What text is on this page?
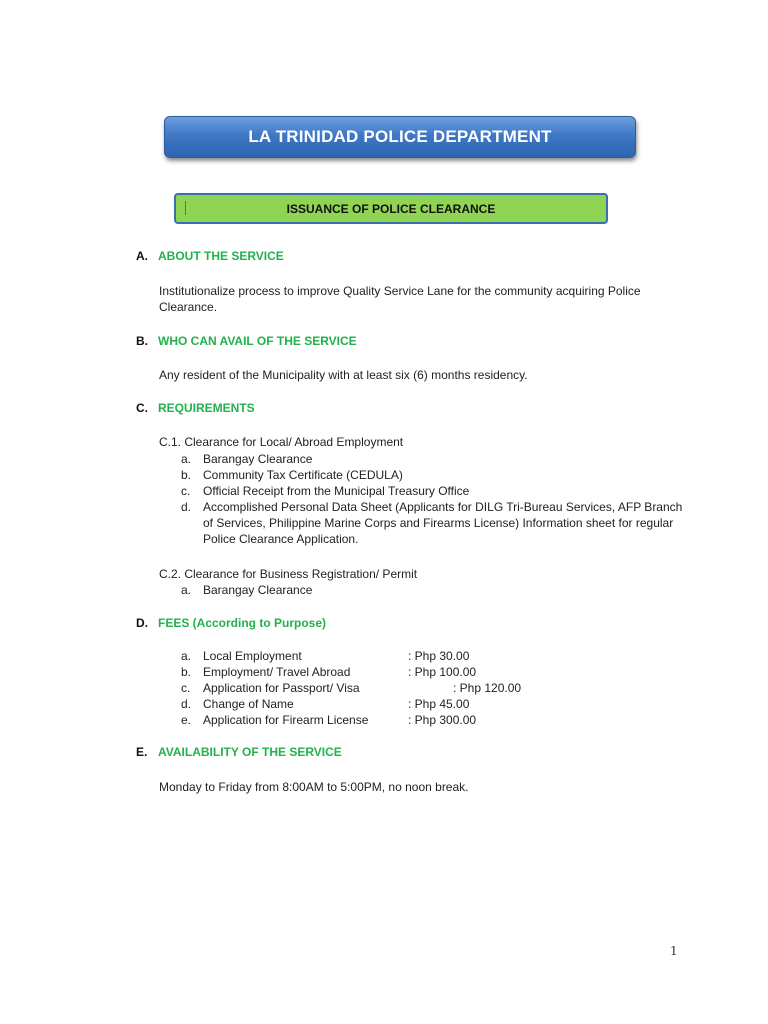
LA TRINIDAD POLICE DEPARTMENT
ISSUANCE OF POLICE CLEARANCE
A. ABOUT THE SERVICE
Institutionalize process to improve Quality Service Lane for the community acquiring Police Clearance.
B. WHO CAN AVAIL OF THE SERVICE
Any resident of the Municipality with at least six (6) months residency.
C. REQUIREMENTS
C.1. Clearance for Local/ Abroad Employment
a. Barangay Clearance
b. Community Tax Certificate (CEDULA)
c.	Official Receipt from the Municipal Treasury Office
d. Accomplished Personal Data Sheet (Applicants for DILG Tri-Bureau Services, AFP Branch of Services, Philippine Marine Corps and Firearms License) Information sheet for regular Police Clearance Application.
C.2. Clearance for Business Registration/ Permit
a. Barangay Clearance
D. FEES (According to Purpose)
a. Local Employment	: Php 30.00
b. Employment/ Travel Abroad	: Php 100.00
c.	Application for Passport/ Visa	: Php 120.00
d. Change of Name	: Php 45.00
e. Application for Firearm License	: Php 300.00
E. AVAILABILITY OF THE SERVICE
Monday to Friday from 8:00AM to 5:00PM, no noon break.
1
